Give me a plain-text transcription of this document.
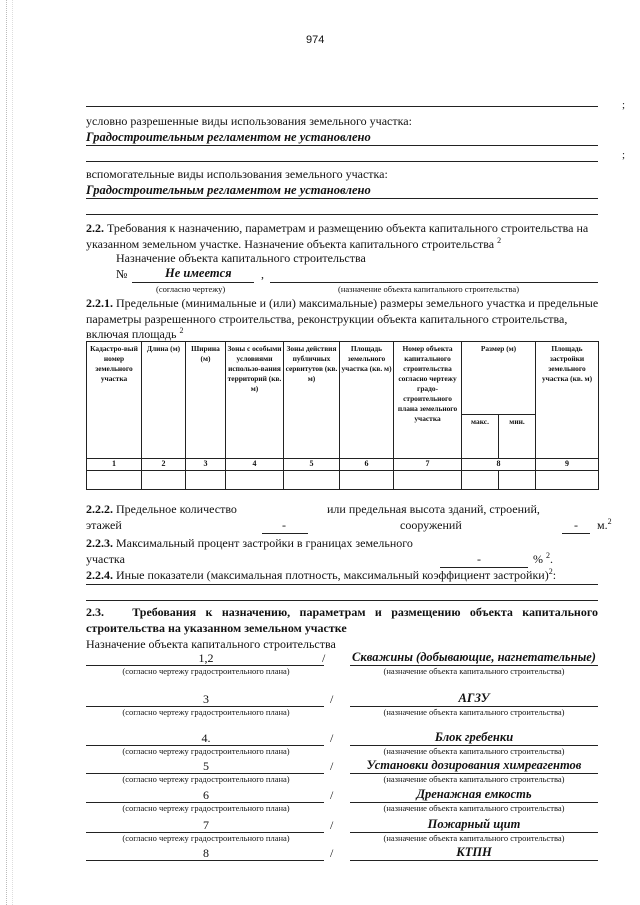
974
;
условно разрешенные виды использования земельного участка:
Градостроительным регламентом не установлено
;
вспомогательные виды использования земельного участка:
Градостроительным регламентом не установлено
2.2. Требования к назначению, параметрам и размещению объекта капитального строительства на
указанном земельном участке. Назначение объекта капитального строительства $^2$
Назначение объекта капитального строительства
№	Не имеется ,
(согласно чертежу)	(назначение объекта капитального строительства)
2.2.1. Предельные (минимальные и (или) максимальные) размеры земельного участка и предельные
параметры разрешенного строительства, реконструкции объекта капитального строительства,
включая площадь $^2$
Кадастро-вый номер земельного участка	Длина (м)	Ширина (м)	Зоны с особыми условиями использо-вания территорий (кв. м)	Зоны действия публичных сервитутов (кв. м)	Площадь земельного участка (кв. м)	Номер объекта капитального строительства согласно чертежу градо-строительного плана земельного участка	Размер (м)		Площадь застройки земельного участка (кв. м)
							макс.	мин.	
1	2	3	4	5	6	7	8		9

2.2.2. Предельное количество	или предельная высота зданий, строений,
этажей	-	сооружений	- м.$^2$
2.2.3. Максимальный процент застройки в границах земельного
участка	-	% $^2$.
2.2.4. Иные показатели (максимальная плотность, максимальный коэффициент застройки)$^2$:
2.3. Требования к назначению, параметрам и размещению объекта капитального
строительства на указанном земельном участке
Назначение объекта капитального строительства
1,2	/ Скважины (добывающие, нагнетательные)
(согласно чертежу градостроительного плана)	(назначение объекта капитального строительства)
3	/	АГЗУ
(согласно чертежу градостроительного плана)	(назначение объекта капитального строительства)
4.	/	Блок гребенки
(согласно чертежу градостроительного плана)	(назначение объекта капитального строительства)
5	/	Установки дозирования химреагентов
(согласно чертежу градостроительного плана)	(назначение объекта капитального строительства)
6	/	Дренажная емкость
(согласно чертежу градостроительного плана)	(назначение объекта капитального строительства)
7	/	Пожарный щит
(согласно чертежу градостроительного плана)	(назначение объекта капитального строительства)
8	/	КТПН
